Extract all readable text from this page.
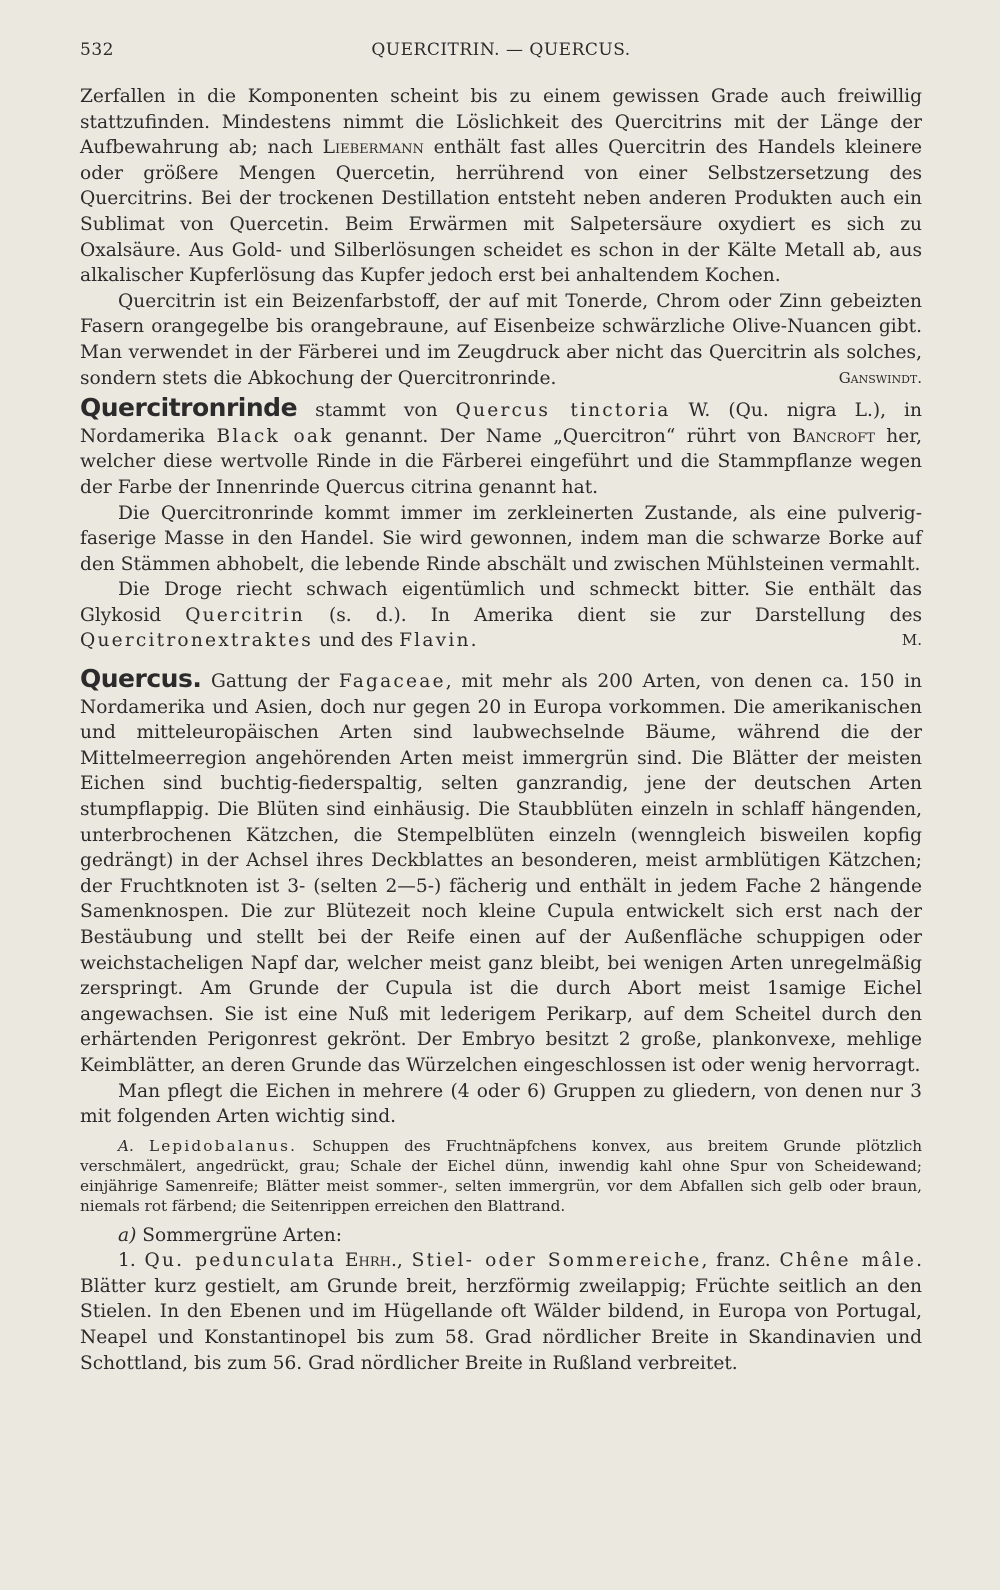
532	QUERCITRIN. — QUERCUS.

Zerfallen in die Komponenten scheint bis zu einem gewissen Grade auch freiwillig stattzufinden. Mindestens nimmt die Löslichkeit des Quercitrins mit der Länge der Aufbewahrung ab; nach Liebermann enthält fast alles Quercitrin des Handels kleinere oder größere Mengen Quercetin, herrührend von einer Selbstzersetzung des Quercitrins. Bei der trockenen Destillation entsteht neben anderen Produkten auch ein Sublimat von Quercetin. Beim Erwärmen mit Salpetersäure oxydiert es sich zu Oxalsäure. Aus Gold- und Silberlösungen scheidet es schon in der Kälte Metall ab, aus alkalischer Kupferlösung das Kupfer jedoch erst bei anhaltendem Kochen.

Quercitrin ist ein Beizenfarbstoff, der auf mit Tonerde, Chrom oder Zinn gebeizten Fasern orangegelbe bis orangebraune, auf Eisenbeize schwärzliche Olive-Nuancen gibt. Man verwendet in der Färberei und im Zeugdruck aber nicht das Quercitrin als solches, sondern stets die Abkochung der Quercitronrinde.	Ganswindt.

Quercitronrinde stammt von Quercus tinctoria W. (Qu. nigra L.), in Nordamerika Black oak genannt. Der Name „Quercitron“ rührt von Bancroft her, welcher diese wertvolle Rinde in die Färberei eingeführt und die Stammpflanze wegen der Farbe der Innenrinde Quercus citrina genannt hat.

Die Quercitronrinde kommt immer im zerkleinerten Zustande, als eine pulverig-faserige Masse in den Handel. Sie wird gewonnen, indem man die schwarze Borke auf den Stämmen abhobelt, die lebende Rinde abschält und zwischen Mühlsteinen vermahlt.

Die Droge riecht schwach eigentümlich und schmeckt bitter. Sie enthält das Glykosid Quercitrin (s. d.). In Amerika dient sie zur Darstellung des Quercitronextraktes und des Flavin.	M.

Quercus. Gattung der Fagaceae, mit mehr als 200 Arten, von denen ca. 150 in Nordamerika und Asien, doch nur gegen 20 in Europa vorkommen. Die amerikanischen und mitteleuropäischen Arten sind laubwechselnde Bäume, während die der Mittelmeerregion angehörenden Arten meist immergrün sind. Die Blätter der meisten Eichen sind buchtig-fiederspaltig, selten ganzrandig, jene der deutschen Arten stumpflappig. Die Blüten sind einhäusig. Die Staubblüten einzeln in schlaff hängenden, unterbrochenen Kätzchen, die Stempelblüten einzeln (wenngleich bisweilen kopfig gedrängt) in der Achsel ihres Deckblattes an besonderen, meist armblütigen Kätzchen; der Fruchtknoten ist 3- (selten 2—5-) fächerig und enthält in jedem Fache 2 hängende Samenknospen. Die zur Blütezeit noch kleine Cupula entwickelt sich erst nach der Bestäubung und stellt bei der Reife einen auf der Außenfläche schuppigen oder weichstacheligen Napf dar, welcher meist ganz bleibt, bei wenigen Arten unregelmäßig zerspringt. Am Grunde der Cupula ist die durch Abort meist 1samige Eichel angewachsen. Sie ist eine Nuß mit lederigem Perikarp, auf dem Scheitel durch den erhärtenden Perigonrest gekrönt. Der Embryo besitzt 2 große, plankonvexe, mehlige Keimblätter, an deren Grunde das Würzelchen eingeschlossen ist oder wenig hervorragt.

Man pflegt die Eichen in mehrere (4 oder 6) Gruppen zu gliedern, von denen nur 3 mit folgenden Arten wichtig sind.

A. Lepidobalanus. Schuppen des Fruchtnäpfchens konvex, aus breitem Grunde plötzlich verschmälert, angedrückt, grau; Schale der Eichel dünn, inwendig kahl ohne Spur von Scheidewand; einjährige Samenreife; Blätter meist sommer-, selten immergrün, vor dem Abfallen sich gelb oder braun, niemals rot färbend; die Seitenrippen erreichen den Blattrand.

a) Sommergrüne Arten:

1. Qu. pedunculata Ehrh., Stiel- oder Sommereiche, franz. Chêne mâle. Blätter kurz gestielt, am Grunde breit, herzförmig zweilappig; Früchte seitlich an den Stielen. In den Ebenen und im Hügellande oft Wälder bildend, in Europa von Portugal, Neapel und Konstantinopel bis zum 58. Grad nördlicher Breite in Skandinavien und Schottland, bis zum 56. Grad nördlicher Breite in Rußland verbreitet.
